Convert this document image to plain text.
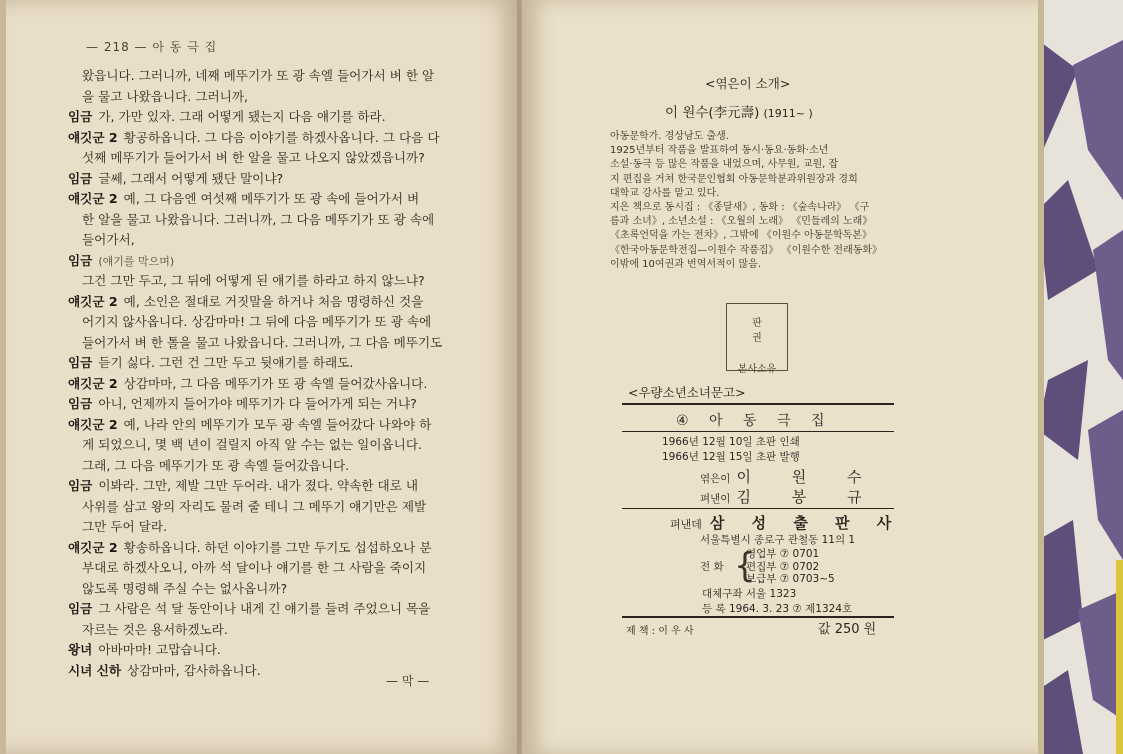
— 218 — 아 동 극 집
왔읍니다. 그러니까, 네째 메뚜기가 또 광 속엘 들어가서 벼 한 알
을 물고 나왔읍니다. 그러니까,
임금 가, 가만 있자. 그래 어떻게 됐는지 다음 얘기를 하라.
얘깃군 2 황공하옵니다. 그 다음 이야기를 하겠사옵니다. 그 다음 다
섯째 메뚜기가 들어가서 벼 한 알을 물고 나오지 않았겠읍니까?
임금 글쎄, 그래서 어떻게 됐단 말이냐?
얘깃군 2 예, 그 다음엔 여섯째 메뚜기가 또 광 속에 들어가서 벼
한 알을 물고 나왔읍니다. 그러니까, 그 다음 메뚜기가 또 광 속에
들어가서,
임금 (얘기를 막으며)
그건 그만 두고, 그 뒤에 어떻게 된 얘기를 하라고 하지 않느냐?
얘깃군 2 예, 소인은 절대로 거짓말을 하거나 처음 명령하신 것을
어기지 않사옵니다. 상감마마! 그 뒤에 다음 메뚜기가 또 광 속에
들어가서 벼 한 톨을 물고 나왔읍니다. 그러니까, 그 다음 메뚜기도
임금 듣기 싫다. 그런 건 그만 두고 뒷얘기를 하래도.
얘깃군 2 상감마마, 그 다음 메뚜기가 또 광 속엘 들어갔사옵니다.
임금 아니, 언제까지 들어가야 메뚜기가 다 들어가게 되는 거냐?
얘깃군 2 예, 나라 안의 메뚜기가 모두 광 속엘 들어갔다 나와야 하
게 되었으니, 몇 백 년이 걸릴지 아직 알 수는 없는 일이옵니다.
그래, 그 다음 메뚜기가 또 광 속엘 들어갔읍니다.
임금 이봐라. 그만, 제발 그만 두어라. 내가 졌다. 약속한 대로 내
사위를 삼고 왕의 자리도 물려 줄 테니 그 메뚜기 얘기만은 제발
그만 두어 달라.
얘깃군 2 황송하옵니다. 하던 이야기를 그만 두기도 섭섭하오나 분
부대로 하겠사오니, 아까 석 달이나 얘기를 한 그 사람을 죽이지
않도록 명령해 주실 수는 없사옵니까?
임금 그 사람은 석 달 동안이나 내게 긴 얘기를 들려 주었으니 목을
자르는 것은 용서하겠노라.
왕녀 아바마마! 고맙습니다.
시녀 신하 상감마마, 감사하옵니다.
— 막 —
<엮은이 소개>
이 원수(李元壽) (1911~ )
아동문학가. 경상남도 출생.
1925년부터 작품을 발표하여 동시·동요·동화·소년
소설·동극 등 많은 작품을 내었으며, 사무원, 교원, 잡
지 편집을 거쳐 한국문인협회 아동문학분과위원장과 경희
대학교 강사를 맡고 있다.
지은 책으로 동시집 : 《종달새》, 동화 : 《숲속나라》 《구
름과 소녀》, 소년소설 : 《오월의 노래》 《민들레의 노래》
《초록언덕을 가는 전차》, 그밖에 《이원수 아동문학독본》
《한국아동문학전집—이원수 작품집》 《이원수한 전래동화》
이밖에 10여권과 번역서적이 많음.
판 권
본사소유
<우량소년소녀문고>
④ 아 동 극 집
1966년 12월 10일 초판 인쇄
1966년 12월 15일 초판 발행
엮은이 이 원 수
펴낸이 김 봉 규
펴낸데 삼 성 출 판 사
서울특별시 종로구 관철동 11의 1
전 화 {
영업부 ⑦ 0701
편집부 ⑦ 0702
보급부 ⑦ 0703~5
대체구좌 서울 1323
등 록 1964. 3. 23 ⑦ 제1324호
제 책 : 이 우 사	값 250 원
